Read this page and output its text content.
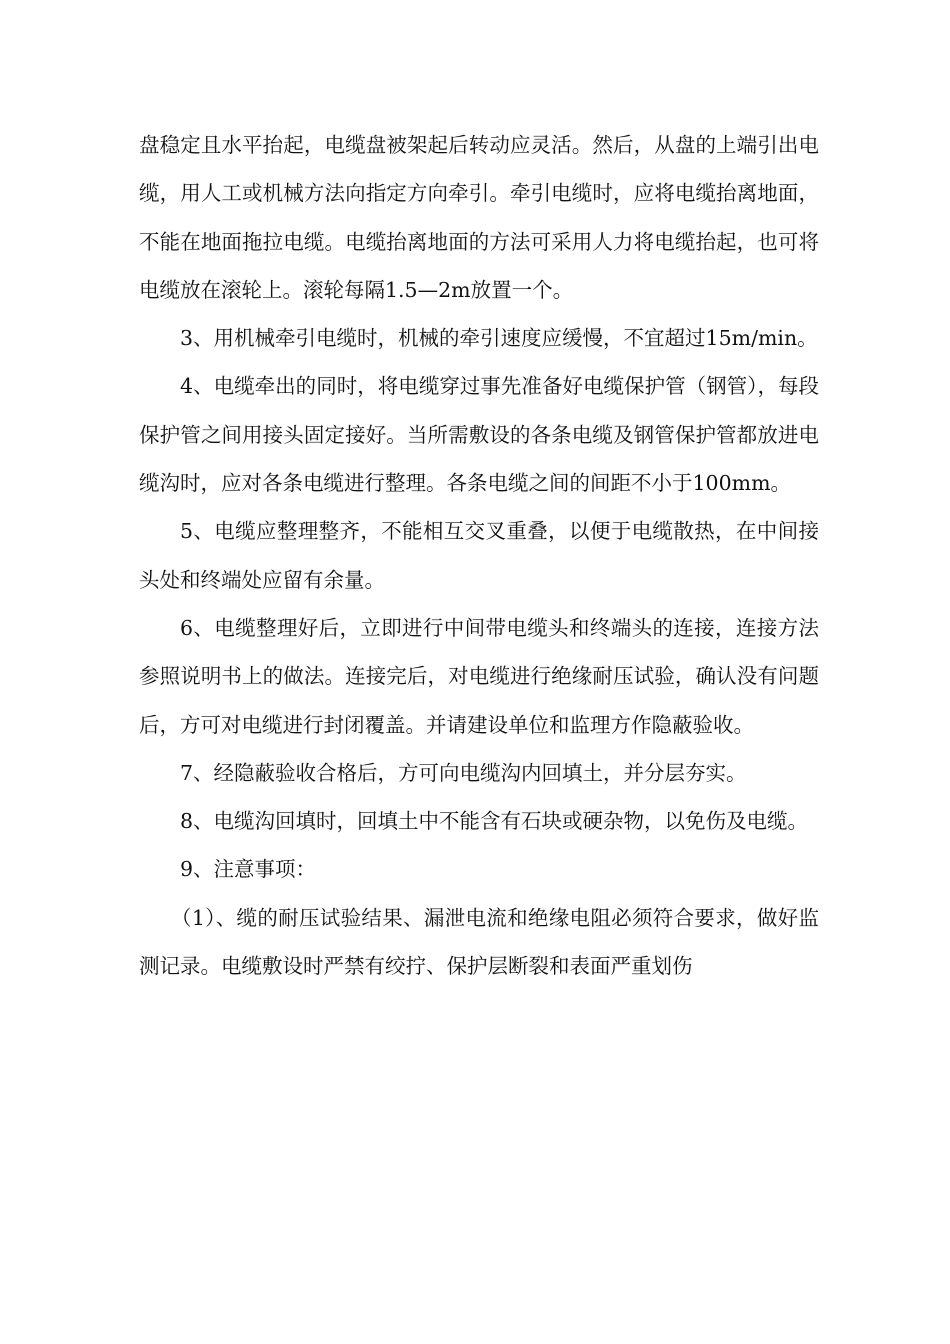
盘稳定且水平抬起，电缆盘被架起后转动应灵活。然后，从盘的上端引出电缆，用人工或机械方法向指定方向牵引。牵引电缆时，应将电缆抬离地面，不能在地面拖拉电缆。电缆抬离地面的方法可采用人力将电缆抬起，也可将电缆放在滚轮上。滚轮每隔1.5—2m放置一个。

3、用机械牵引电缆时，机械的牵引速度应缓慢，不宜超过15m/min。

4、电缆牵出的同时，将电缆穿过事先准备好电缆保护管（钢管），每段保护管之间用接头固定接好。当所需敷设的各条电缆及钢管保护管都放进电缆沟时，应对各条电缆进行整理。各条电缆之间的间距不小于100mm。

5、电缆应整理整齐，不能相互交叉重叠，以便于电缆散热，在中间接头处和终端处应留有余量。

6、电缆整理好后，立即进行中间带电缆头和终端头的连接，连接方法参照说明书上的做法。连接完后，对电缆进行绝缘耐压试验，确认没有问题后，方可对电缆进行封闭覆盖。并请建设单位和监理方作隐蔽验收。

7、经隐蔽验收合格后，方可向电缆沟内回填土，并分层夯实。

8、电缆沟回填时，回填土中不能含有石块或硬杂物，以免伤及电缆。

9、注意事项：

（1）、缆的耐压试验结果、漏泄电流和绝缘电阻必须符合要求，做好监测记录。电缆敷设时严禁有绞拧、保护层断裂和表面严重划伤
